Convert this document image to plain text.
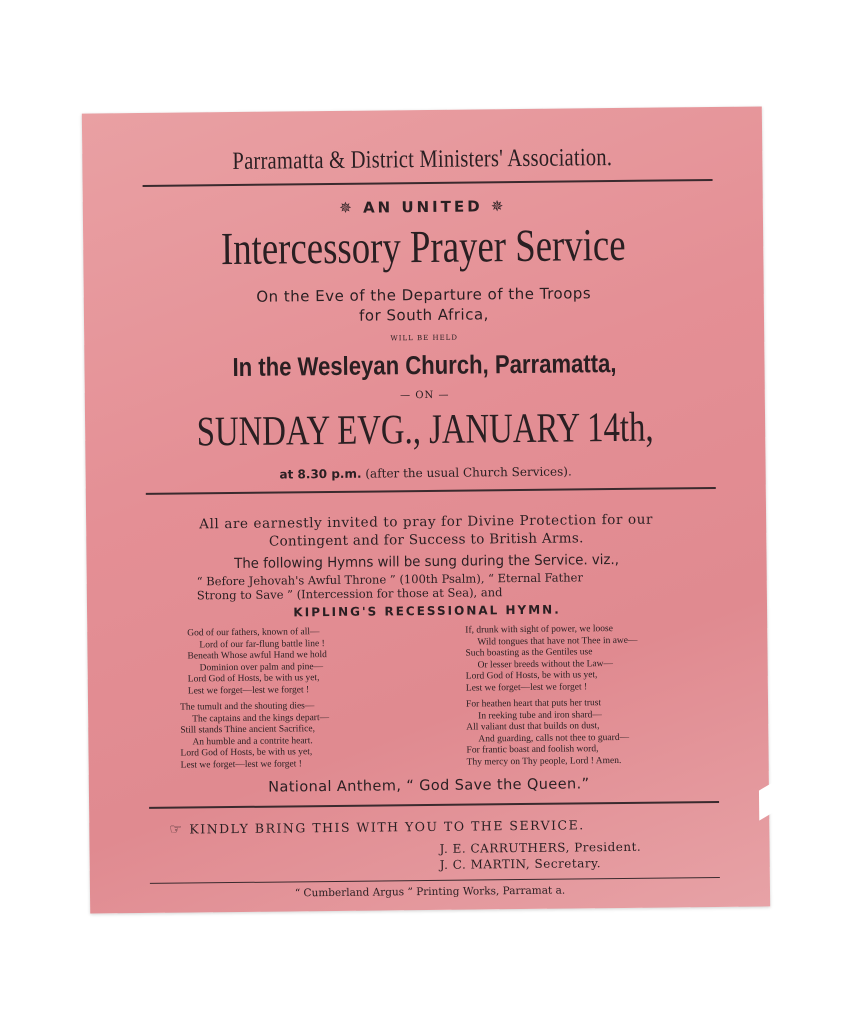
Parramatta & District Ministers' Association.
✵ AN UNITED ✵
Intercessory Prayer Service
On the Eve of the Departure of the Troops
for South Africa,
WILL BE HELD
In the Wesleyan Church, Parramatta,
— ON —
SUNDAY EVG., JANUARY 14th,
at 8.30 p.m. (after the usual Church Services).
All are earnestly invited to pray for Divine Protection for our
Contingent and for Success to British Arms.
The following Hymns will be sung during the Service. viz.,
“ Before Jehovah's Awful Throne ” (100th Psalm), “ Eternal Father
Strong to Save ” (Intercession for those at Sea), and
KIPLING'S RECESSIONAL HYMN.
God of our fathers, known of all—
Lord of our far-flung battle line !
Beneath Whose awful Hand we hold
Dominion over palm and pine—
Lord God of Hosts, be with us yet,
Lest we forget—lest we forget !
If, drunk with sight of power, we loose
Wild tongues that have not Thee in awe—
Such boasting as the Gentiles use
Or lesser breeds without the Law—
Lord God of Hosts, be with us yet,
Lest we forget—lest we forget !
The tumult and the shouting dies—
The captains and the kings depart—
Still stands Thine ancient Sacrifice,
An humble and a contrite heart.
Lord God of Hosts, be with us yet,
Lest we forget—lest we forget !
For heathen heart that puts her trust
In reeking tube and iron shard—
All valiant dust that builds on dust,
And guarding, calls not thee to guard—
For frantic boast and foolish word,
Thy mercy on Thy people, Lord ! Amen.
National Anthem, “ God Save the Queen.”
☞ KINDLY BRING THIS WITH YOU TO THE SERVICE.
J. E. CARRUTHERS, President.
J. C. MARTIN, Secretary.
“ Cumberland Argus ” Printing Works, Parramat a.
